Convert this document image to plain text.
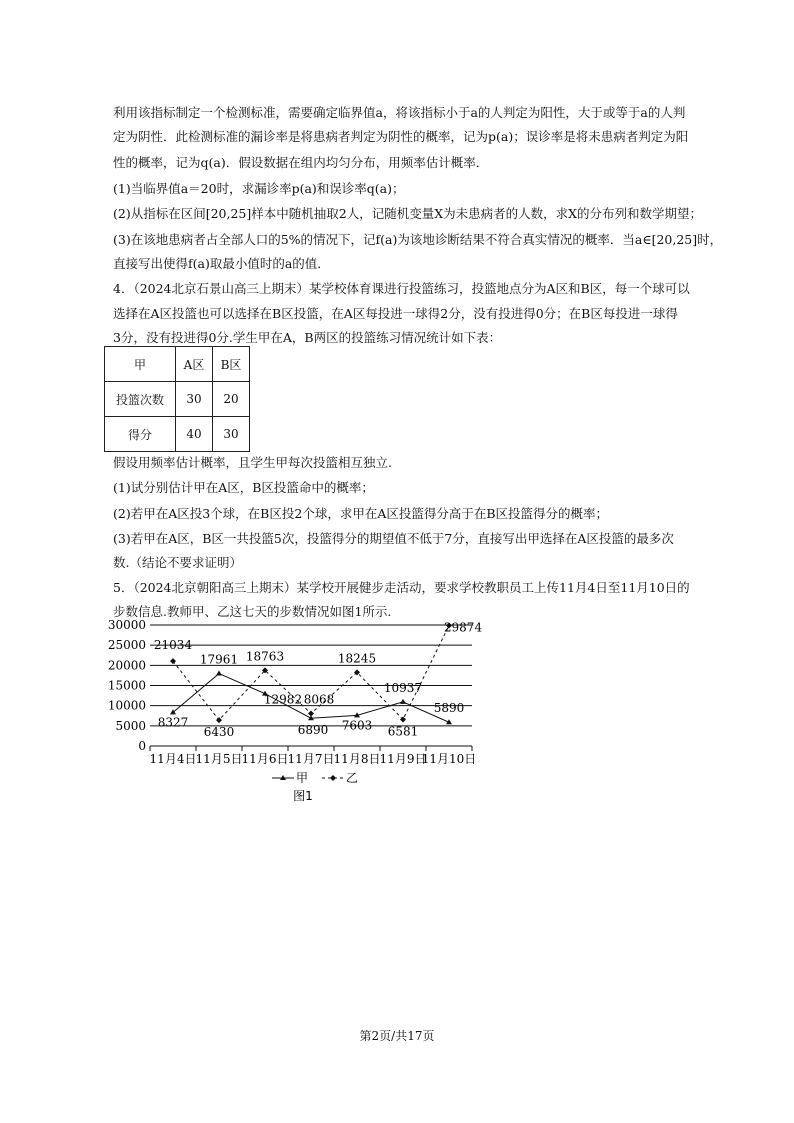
利用该指标制定一个检测标准，需要确定临界值a，将该指标小于a的人判定为阳性，大于或等于a的人判
定为阴性．此检测标准的漏诊率是将患病者判定为阴性的概率，记为p(a)；误诊率是将未患病者判定为阳
性的概率，记为q(a)．假设数据在组内均匀分布，用频率估计概率．
(1)当临界值a＝20时，求漏诊率p(a)和误诊率q(a)；
(2)从指标在区间[20,25]样本中随机抽取2人，记随机变量X为未患病者的人数，求X的分布列和数学期望；
(3)在该地患病者占全部人口的5%的情况下，记f(a)为该地诊断结果不符合真实情况的概率．当a∈[20,25]时，
直接写出使得f(a)取最小值时的a的值．
4．（2024北京石景山高三上期末）某学校体育课进行投篮练习，投篮地点分为A区和B区，每一个球可以
选择在A区投篮也可以选择在B区投篮，在A区每投进一球得2分，没有投进得0分；在B区每投进一球得
3分，没有投进得0分.学生甲在A，B两区的投篮练习情况统计如下表：
甲	A区	B区
投篮次数	30	20
得分	40	30
假设用频率估计概率，且学生甲每次投篮相互独立.
(1)试分别估计甲在A区，B区投篮命中的概率；
(2)若甲在A区投3个球，在B区投2个球，求甲在A区投篮得分高于在B区投篮得分的概率；
(3)若甲在A区，B区一共投篮5次，投篮得分的期望值不低于7分，直接写出甲选择在A区投篮的最多次
数.（结论不要求证明）
5．（2024北京朝阳高三上期末）某学校开展健步走活动，要求学校教职员工上传11月4日至11月10日的
步数信息.教师甲、乙这七天的步数情况如图1所示.
0
5000
10000
15000
20000
25000
30000
11月4日 11月5日 11月6日 11月7日 11月8日 11月9日
11月10日
8327
17961
12982
6890 7603
10937
5890
21034
6430
18763
8068
18245
6581
29874
甲	乙
图1
第2页/共17页
